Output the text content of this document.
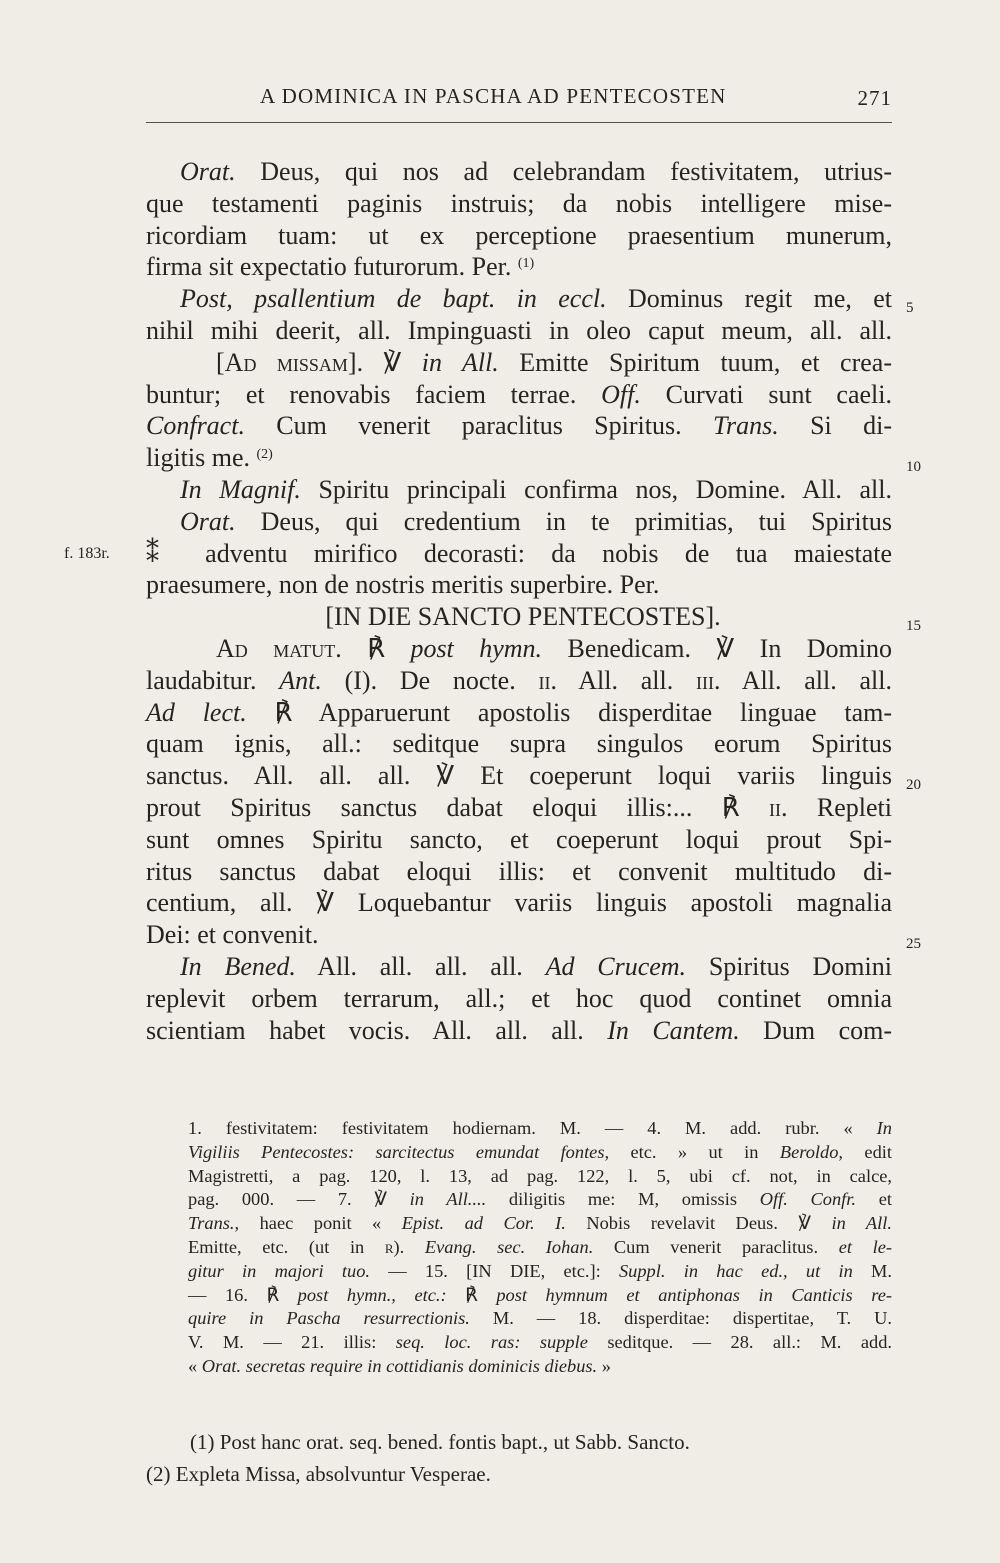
A DOMINICA IN PASCHA AD PENTECOSTEN	271
Orat. Deus, qui nos ad celebrandam festivitatem, utrius-
que testamenti paginis instruis; da nobis intelligere mise-
ricordiam tuam: ut ex perceptione praesentium munerum,
firma sit expectatio futurorum. Per. $^{(1)}$
Post, psallentium de bapt. in eccl. Dominus regit me, et 5
nihil mihi deerit, all. Impinguasti in oleo caput meum, all. all.
[Ad missam]. ℣ in All. Emitte Spiritum tuum, et crea-
buntur; et renovabis faciem terrae. Off. Curvati sunt caeli.
Confract. Cum venerit paraclitus Spiritus. Trans. Si di-
ligitis me. $^{(2)}$
10
In Magnif. Spiritu principali confirma nos, Domine. All. all.
Orat. Deus, qui credentium in te primitias, tui Spiritus
f. 183r. ⁑ adventu mirifico decorasti: da nobis de tua maiestate
praesumere, non de nostris meritis superbire. Per.
[IN DIE SANCTO PENTECOSTES].	15
Ad matut. ℟ post hymn. Benedicam. ℣ In Domino
laudabitur. Ant. (I). De nocte. ii. All. all. iii. All. all. all.
Ad lect. ℟ Apparuerunt apostolis disperditae linguae tam-
quam ignis, all.: seditque supra singulos eorum Spiritus
sanctus. All. all. all. ℣ Et coeperunt loqui variis linguis 20
prout Spiritus sanctus dabat eloqui illis:... ℟ ii. Repleti
sunt omnes Spiritu sancto, et coeperunt loqui prout Spi-
ritus sanctus dabat eloqui illis: et convenit multitudo di-
centium, all. ℣ Loquebantur variis linguis apostoli magnalia
Dei: et convenit.	25
In Bened. All. all. all. all. Ad Crucem. Spiritus Domini
replevit orbem terrarum, all.; et hoc quod continet omnia
scientiam habet vocis. All. all. all. In Cantem. Dum com-
1. festivitatem: festivitatem hodiernam. M. — 4. M. add. rubr. « In
Vigiliis Pentecostes: sarcitectus emundat fontes, etc. » ut in Beroldo, edit
Magistretti, a pag. 120, l. 13, ad pag. 122, l. 5, ubi cf. not, in calce,
pag. 000. — 7. ℣ in All.... diligitis me: M, omissis Off. Confr. et
Trans., haec ponit « Epist. ad Cor. I. Nobis revelavit Deus. ℣ in All.
Emitte, etc. (ut in r). Evang. sec. Iohan. Cum venerit paraclitus. et le-
gitur in majori tuo. — 15. [IN DIE, etc.]: Suppl. in hac ed., ut in M.
— 16. ℟ post hymn., etc.: ℟ post hymnum et antiphonas in Canticis re-
quire in Pascha resurrectionis. M. — 18. disperditae: dispertitae, T. U.
V. M. — 21. illis: seq. loc. ras: supple seditque. — 28. all.: M. add.
« Orat. secretas require in cottidianis dominicis diebus. »
(1) Post hanc orat. seq. bened. fontis bapt., ut Sabb. Sancto.
(2) Expleta Missa, absolvuntur Vesperae.
